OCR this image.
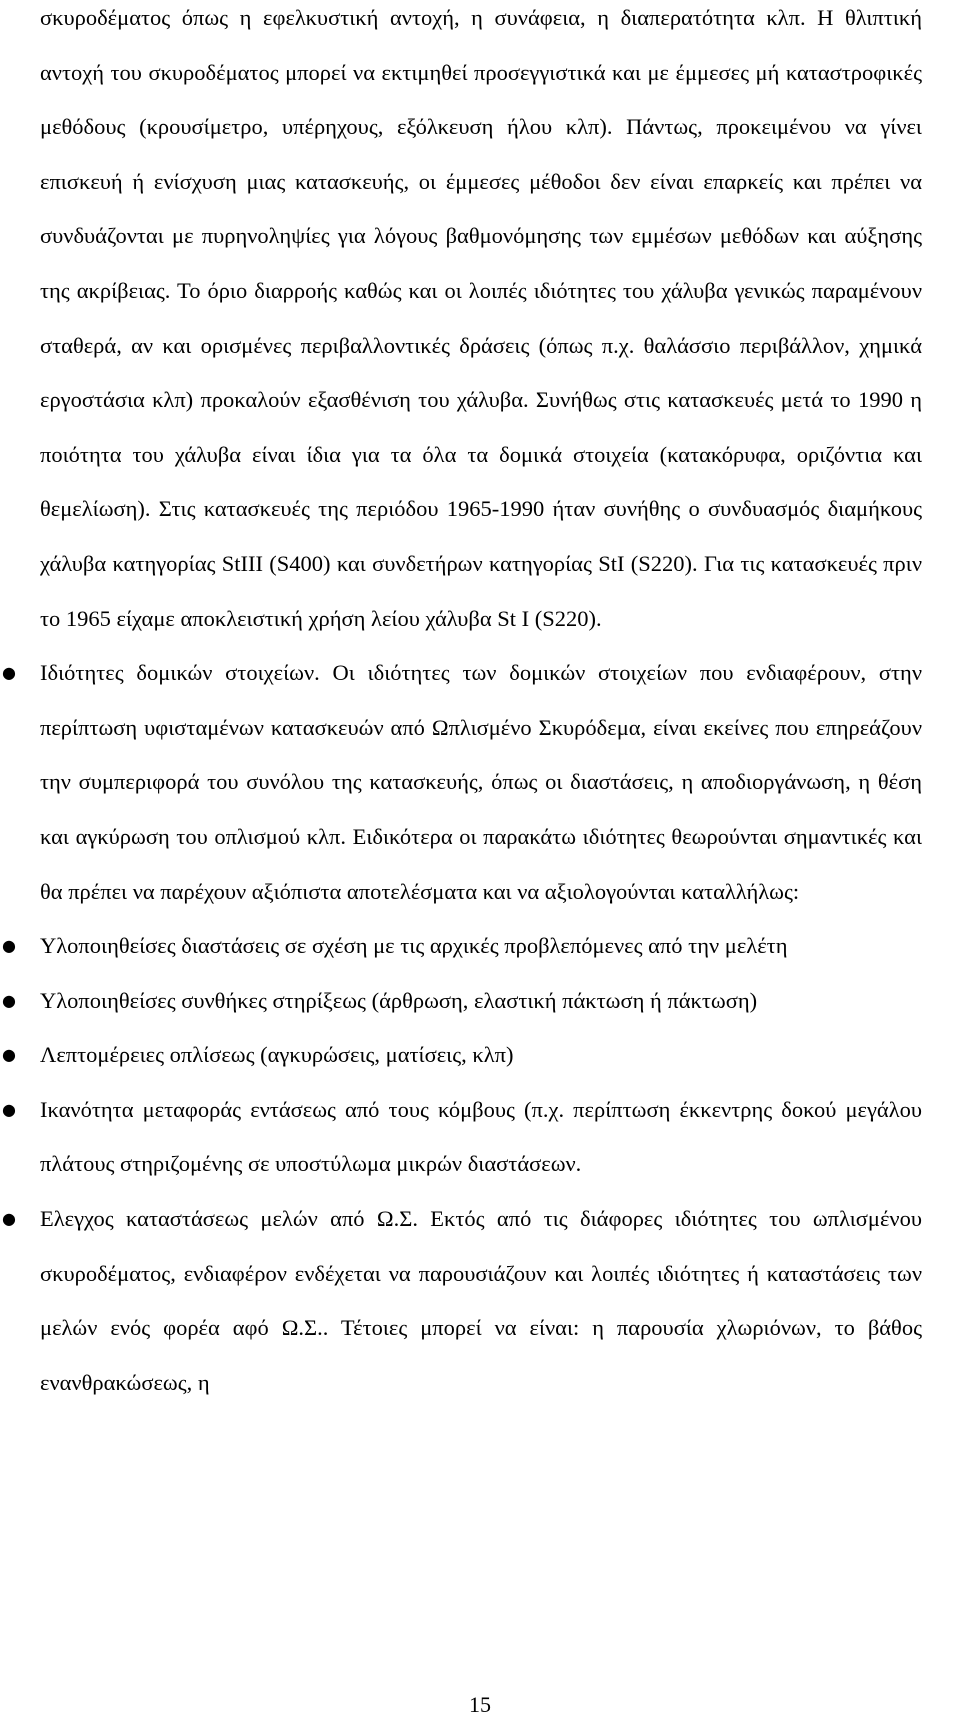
σκυροδέματος όπως η εφελκυστική αντοχή, η συνάφεια, η διαπερατότητα κλπ. Η θλιπτική αντοχή του σκυροδέματος μπορεί να εκτιμηθεί προσεγγιστικά και με έμμεσες μή καταστροφικές μεθόδους (κρουσίμετρο, υπέρηχους, εξόλκευση ήλου κλπ). Πάντως, προκειμένου να γίνει επισκευή ή ενίσχυση μιας κατασκευής, οι έμμεσες μέθοδοι δεν είναι επαρκείς και πρέπει να συνδυάζονται με πυρηνοληψίες για λόγους βαθμονόμησης των εμμέσων μεθόδων και αύξησης της ακρίβειας. Το όριο διαρροής καθώς και οι λοιπές ιδιότητες του χάλυβα γενικώς παραμένουν σταθερά, αν και ορισμένες περιβαλλοντικές δράσεις (όπως π.χ. θαλάσσιο περιβάλλον, χημικά εργοστάσια κλπ) προκαλούν εξασθένιση του χάλυβα. Συνήθως στις κατασκευές μετά το 1990 η ποιότητα του χάλυβα είναι ίδια για τα όλα τα δομικά στοιχεία (κατακόρυφα, οριζόντια και θεμελίωση). Στις κατασκευές της περιόδου 1965-1990 ήταν συνήθης ο συνδυασμός διαμήκους χάλυβα κατηγορίας StIII (S400) και συνδετήρων κατηγορίας StI (S220). Για τις κατασκευές πριν το 1965 είχαμε αποκλειστική χρήση λείου χάλυβα St I (S220).

● Ιδιότητες δομικών στοιχείων. Οι ιδιότητες των δομικών στοιχείων που ενδιαφέρουν, στην περίπτωση υφισταμένων κατασκευών από Ωπλισμένο Σκυρόδεμα, είναι εκείνες που επηρεάζουν την συμπεριφορά του συνόλου της κατασκευής, όπως οι διαστάσεις, η αποδιοργάνωση, η θέση και αγκύρωση του οπλισμού κλπ. Ειδικότερα οι παρακάτω ιδιότητες θεωρούνται σημαντικές και θα πρέπει να παρέχουν αξιόπιστα αποτελέσματα και να αξιολογούνται καταλλήλως:
● Υλοποιηθείσες διαστάσεις σε σχέση με τις αρχικές προβλεπόμενες από την μελέτη
● Υλοποιηθείσες συνθήκες στηρίξεως (άρθρωση, ελαστική πάκτωση ή πάκτωση)
● Λεπτομέρειες οπλίσεως (αγκυρώσεις, ματίσεις, κλπ)
● Ικανότητα μεταφοράς εντάσεως από τους κόμβους (π.χ. περίπτωση έκκεντρης δοκού μεγάλου πλάτους στηριζομένης σε υποστύλωμα μικρών διαστάσεων.
● Ελεγχος καταστάσεως μελών από Ω.Σ. Εκτός από τις διάφορες ιδιότητες του ωπλισμένου σκυροδέματος, ενδιαφέρον ενδέχεται να παρουσιάζουν και λοιπές ιδιότητες ή καταστάσεις των μελών ενός φορέα αφό Ω.Σ.. Τέτοιες μπορεί να είναι: η παρουσία χλωριόνων, το βάθος ενανθρακώσεως, η
15
